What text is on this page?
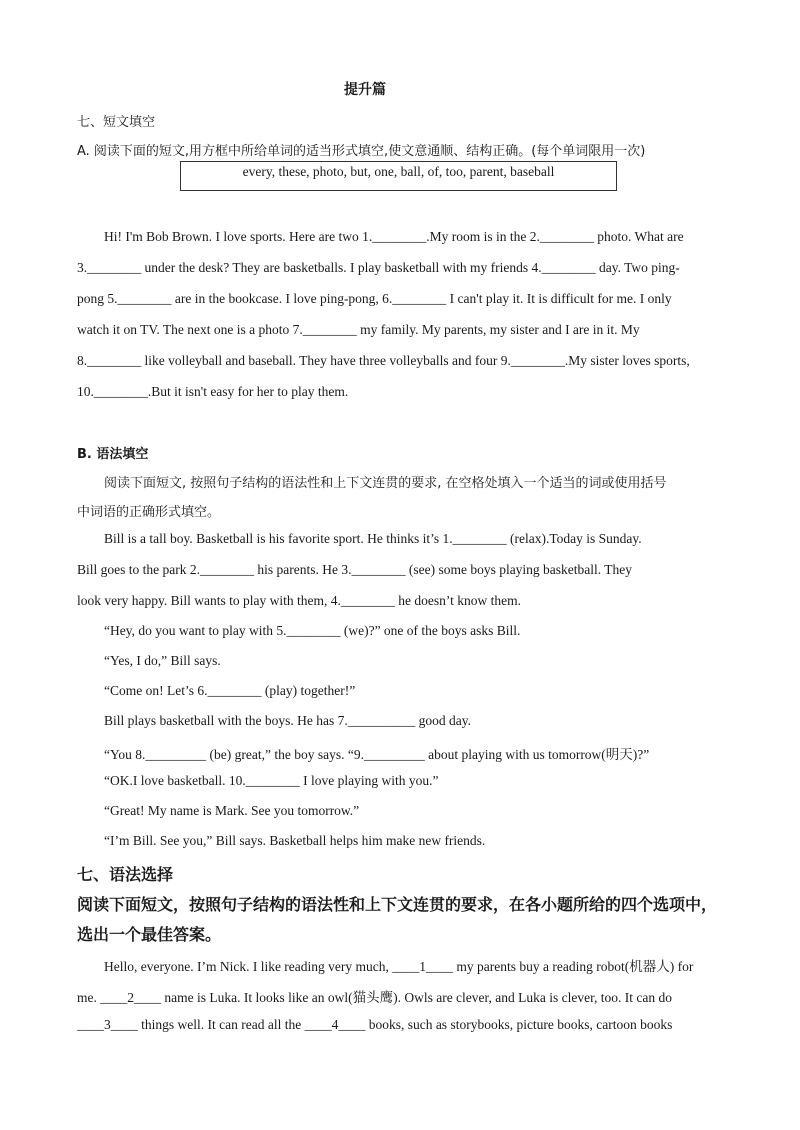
提升篇
七、短文填空
A. 阅读下面的短文,用方框中所给单词的适当形式填空,使文意通顺、结构正确。(每个单词限用一次)
every, these, photo, but, one, ball, of, too, parent, baseball
Hi! I'm Bob Brown. I love sports. Here are two 1.________.My room is in the 2.________ photo. What are
3.________ under the desk? They are basketballs. I play basketball with my friends 4.________ day. Two ping-
pong 5.________ are in the bookcase. I love ping-pong, 6.________ I can't play it. It is difficult for me. I only
watch it on TV. The next one is a photo 7.________ my family. My parents, my sister and I are in it. My
8.________ like volleyball and baseball. They have three volleyballs and four 9.________.My sister loves sports,
10.________.But it isn't easy for her to play them.
B. 语法填空
阅读下面短文, 按照句子结构的语法性和上下文连贯的要求, 在空格处填入一个适当的词或使用括号
中词语的正确形式填空。
Bill is a tall boy. Basketball is his favorite sport. He thinks it’s 1.________ (relax).Today is Sunday.
Bill goes to the park 2.________ his parents. He 3.________ (see) some boys playing basketball. They
look very happy. Bill wants to play with them, 4.________ he doesn’t know them.
“Hey, do you want to play with 5.________ (we)?” one of the boys asks Bill.
“Yes, I do,” Bill says.
“Come on! Let’s 6.________ (play) together!”
Bill plays basketball with the boys. He has 7.__________ good day.
“You 8._________ (be) great,” the boy says. “9._________ about playing with us tomorrow(明天)?”
“OK.I love basketball. 10.________ I love playing with you.”
“Great! My name is Mark. See you tomorrow.”
“I’m Bill. See you,” Bill says. Basketball helps him make new friends.
七、语法选择
阅读下面短文，按照句子结构的语法性和上下文连贯的要求，在各小题所给的四个选项中，
选出一个最佳答案。
Hello, everyone. I’m Nick. I like reading very much, ____1____ my parents buy a reading robot(机器人) for
me. ____2____ name is Luka. It looks like an owl(猫头鹰). Owls are clever, and Luka is clever, too. It can do
____3____ things well. It can read all the ____4____ books, such as storybooks, picture books, cartoon books
